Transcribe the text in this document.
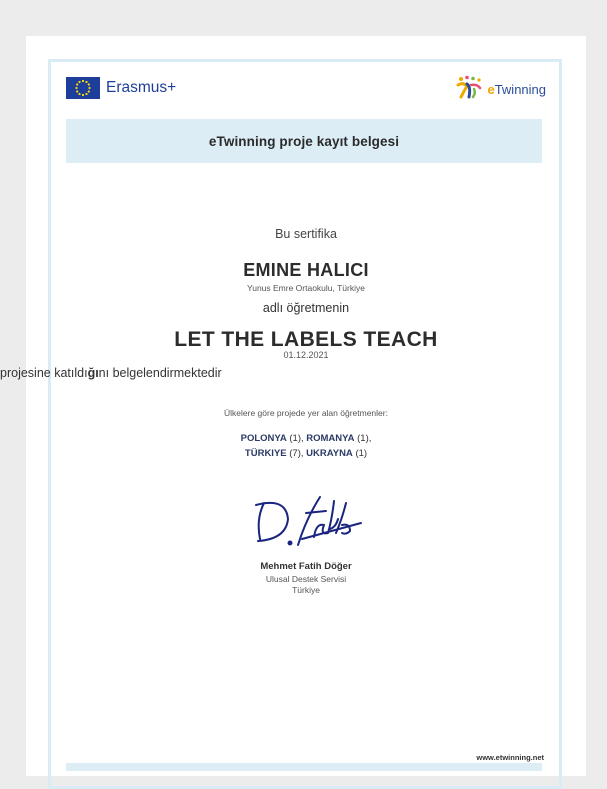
Erasmus+	eTwinning
eTwinning proje kayıt belgesi
Bu sertifika
EMINE HALICI
Yunus Emre Ortaokulu, Türkiye
adlı öğretmenin
LET THE LABELS TEACH
01.12.2021
projesine katıldığını belgelendirmektedir
Ülkelere göre projede yer alan öğretmenler:
POLONYA (1), ROMANYA (1),
TÜRKIYE (7), UKRAYNA (1)
Mehmet Fatih Döğer
Ulusal Destek Servisi
Türkiye
www.etwinning.net
